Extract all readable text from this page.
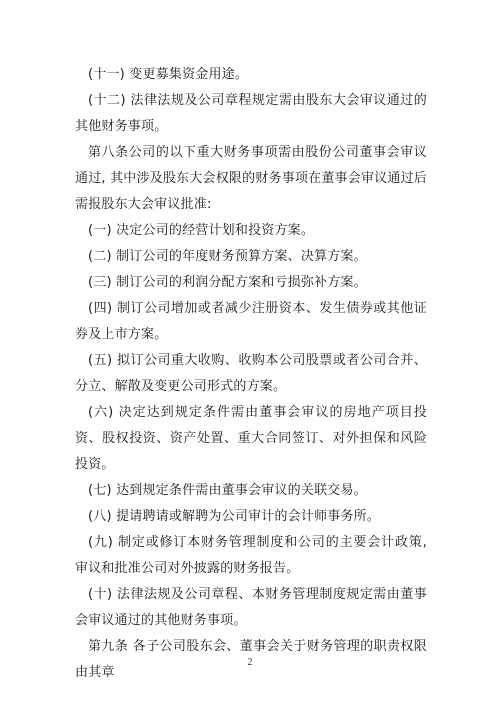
(十一) 变更募集资金用途。

(十二) 法律法规及公司章程规定需由股东大会审议通过的其他财务事项。

第八条公司的以下重大财务事项需由股份公司董事会审议通过, 其中涉及股东大会权限的财务事项在董事会审议通过后需报股东大会审议批准:

(一) 决定公司的经营计划和投资方案。

(二) 制订公司的年度财务预算方案、决算方案。

(三) 制订公司的利润分配方案和亏损弥补方案。

(四) 制订公司增加或者减少注册资本、发生债券或其他证券及上市方案。

(五) 拟订公司重大收购、收购本公司股票或者公司合并、分立、解散及变更公司形式的方案。

(六) 决定达到规定条件需由董事会审议的房地产项目投资、股权投资、资产处置、重大合同签订、对外担保和风险投资。

(七) 达到规定条件需由董事会审议的关联交易。

(八) 提请聘请或解聘为公司审计的会计师事务所。

(九) 制定或修订本财务管理制度和公司的主要会计政策, 审议和批准公司对外披露的财务报告。

(十) 法律法规及公司章程、本财务管理制度规定需由董事会审议通过的其他财务事项。

第九条 各子公司股东会、董事会关于财务管理的职责权限由其章

2
